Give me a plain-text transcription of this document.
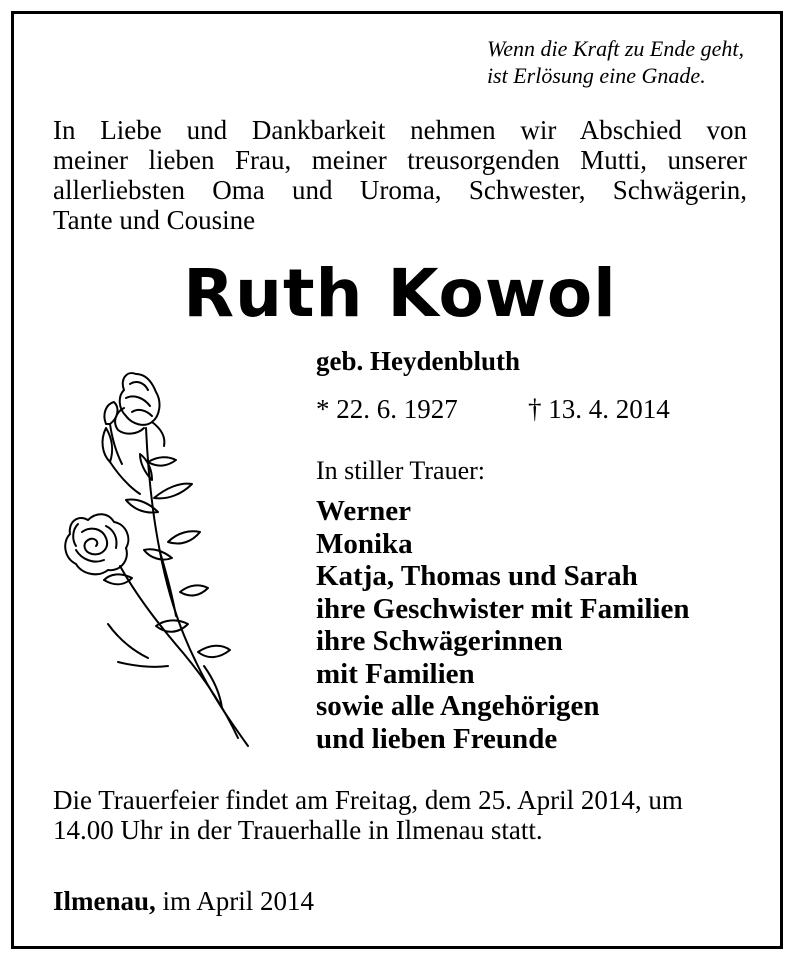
Wenn die Kraft zu Ende geht,
ist Erlösung eine Gnade.
In Liebe und Dankbarkeit nehmen wir Abschied von
meiner lieben Frau, meiner treusorgenden Mutti, unserer
allerliebsten Oma und Uroma, Schwester, Schwägerin,
Tante und Cousine
Ruth Kowol
geb. Heydenbluth
* 22. 6. 1927	† 13. 4. 2014
In stiller Trauer:
Werner
Monika
Katja, Thomas und Sarah
ihre Geschwister mit Familien
ihre Schwägerinnen
mit Familien
sowie alle Angehörigen
und lieben Freunde
Die Trauerfeier findet am Freitag, dem 25. April 2014, um
14.00 Uhr in der Trauerhalle in Ilmenau statt.
Ilmenau, im April 2014
